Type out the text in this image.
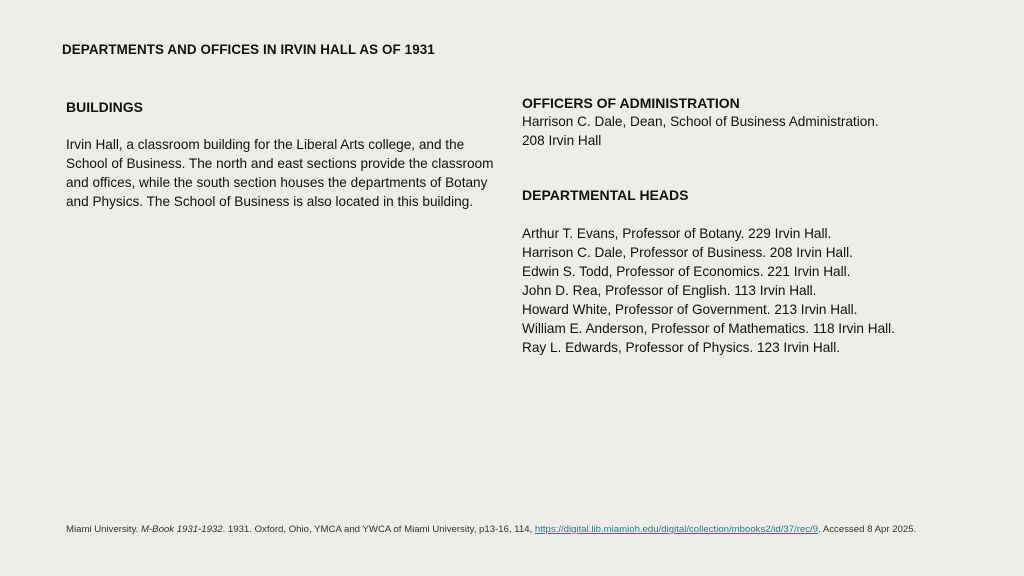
DEPARTMENTS AND OFFICES IN IRVIN HALL AS OF 1931

BUILDINGS

Irvin Hall, a classroom building for the Liberal Arts college, and the School of Business. The north and east sections provide the classroom and offices, while the south section houses the departments of Botany and Physics. The School of Business is also located in this building.

OFFICERS OF ADMINISTRATION

Harrison C. Dale, Dean, School of Business Administration.

208 Irvin Hall

DEPARTMENTAL HEADS

Arthur T. Evans, Professor of Botany. 229 Irvin Hall.
Harrison C. Dale, Professor of Business. 208 Irvin Hall.
Edwin S. Todd, Professor of Economics. 221 Irvin Hall.
John D. Rea, Professor of English. 113 Irvin Hall.
Howard White, Professor of Government. 213 Irvin Hall.
William E. Anderson, Professor of Mathematics. 118 Irvin Hall.
Ray L. Edwards, Professor of Physics. 123 Irvin Hall.
Miami University. M-Book 1931-1932. 1931. Oxford, Ohio, YMCA and YWCA of Miami University, p13-16, 114, https://digital.lib.miamioh.edu/digital/collection/mbooks2/id/37/rec/9. Accessed 8 Apr 2025.
